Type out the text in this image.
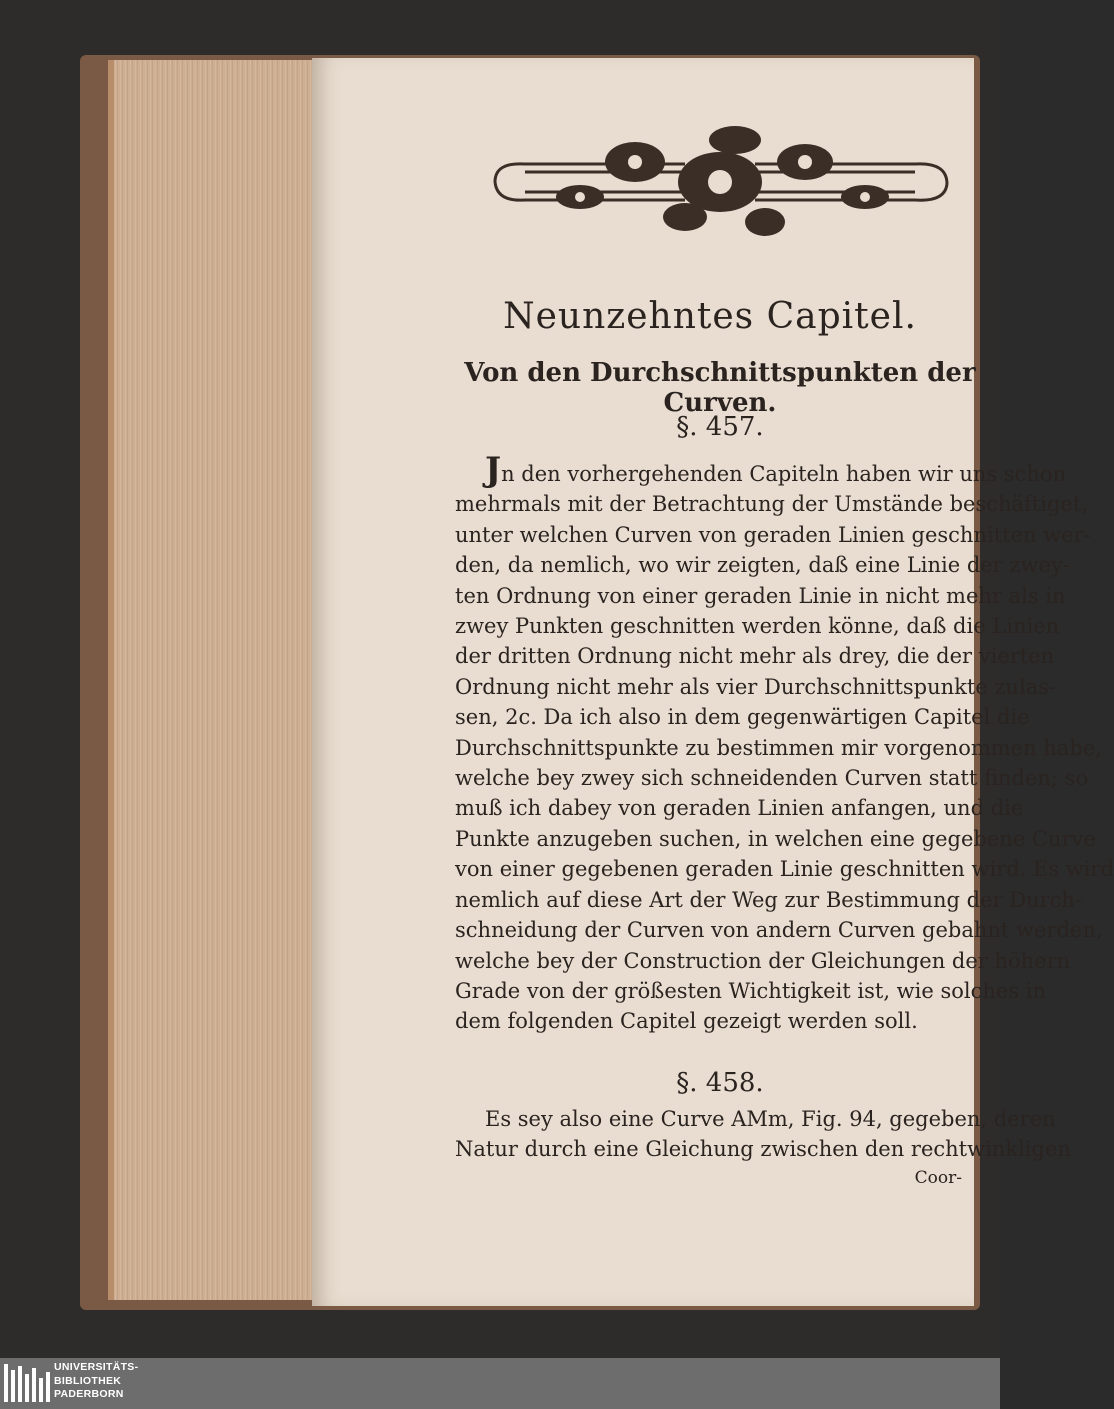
Neunzehntes Capitel.
Von den Durchschnittspunkten der Curven.
§. 457.
Jn den vorhergehenden Capiteln haben wir uns schon
mehrmals mit der Betrachtung der Umstände beschäftiget,
unter welchen Curven von geraden Linien geschnitten wer-
den, da nemlich, wo wir zeigten, daß eine Linie der zwey-
ten Ordnung von einer geraden Linie in nicht mehr als in
zwey Punkten geschnitten werden könne, daß die Linien
der dritten Ordnung nicht mehr als drey, die der vierten
Ordnung nicht mehr als vier Durchschnittspunkte zulas-
sen, 2c. Da ich also in dem gegenwärtigen Capitel die
Durchschnittspunkte zu bestimmen mir vorgenommen habe,
welche bey zwey sich schneidenden Curven statt finden; so
muß ich dabey von geraden Linien anfangen, und die
Punkte anzugeben suchen, in welchen eine gegebene Curve
von einer gegebenen geraden Linie geschnitten wird. Es wird
nemlich auf diese Art der Weg zur Bestimmung der Durch-
schneidung der Curven von andern Curven gebahnt werden,
welche bey der Construction der Gleichungen der höhern
Grade von der größesten Wichtigkeit ist, wie solches in
dem folgenden Capitel gezeigt werden soll.
§. 458.
Es sey also eine Curve AMm, Fig. 94, gegeben, deren
Natur durch eine Gleichung zwischen den rechtwinkligen
Coor-
UNIVERSITÄTS-
BIBLIOTHEK
PADERBORN
